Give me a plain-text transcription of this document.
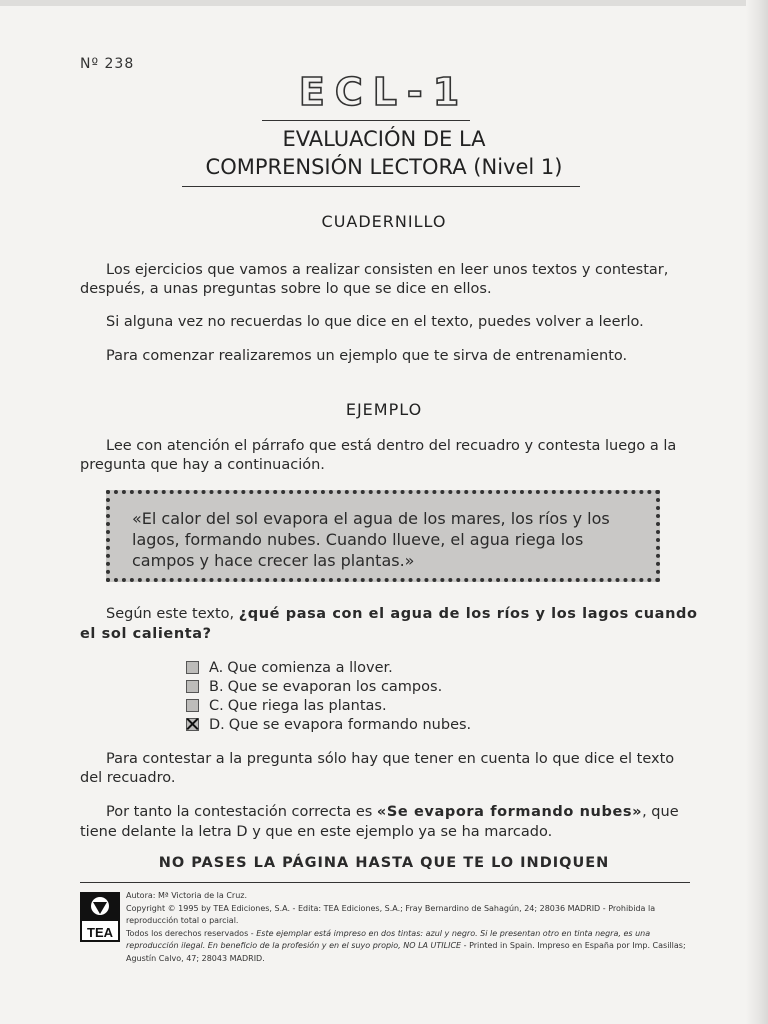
Nº 238
ECL-1
EVALUACIÓN DE LA
COMPRENSIÓN LECTORA (Nivel 1)
CUADERNILLO
Los ejercicios que vamos a realizar consisten en leer unos textos y contestar, después, a unas preguntas sobre lo que se dice en ellos.
Si alguna vez no recuerdas lo que dice en el texto, puedes volver a leerlo.
Para comenzar realizaremos un ejemplo que te sirva de entrenamiento.
EJEMPLO
Lee con atención el párrafo que está dentro del recuadro y contesta luego a la pregunta que hay a continuación.
«El calor del sol evapora el agua de los mares, los ríos y los lagos, formando nubes. Cuando llueve, el agua riega los campos y hace crecer las plantas.»
Según este texto, ¿qué pasa con el agua de los ríos y los lagos cuando el sol calienta?
A. Que comienza a llover.
B. Que se evaporan los campos.
C. Que riega las plantas.
D. Que se evapora formando nubes.
Para contestar a la pregunta sólo hay que tener en cuenta lo que dice el texto del recuadro.
Por tanto la contestación correcta es «Se evapora formando nubes», que tiene delante la letra D y que en este ejemplo ya se ha marcado.
NO PASES LA PÁGINA HASTA QUE TE LO INDIQUEN
TEA
Autora: Mª Victoria de la Cruz.
Copyright © 1995 by TEA Ediciones, S.A. - Edita: TEA Ediciones, S.A.; Fray Bernardino de Sahagún, 24; 28036 MADRID - Prohibida la reproducción total o parcial.
Todos los derechos reservados - Este ejemplar está impreso en dos tintas: azul y negro. Si le presentan otro en tinta negra, es una reproducción ilegal. En beneficio de la profesión y en el suyo propio, NO LA UTILICE - Printed in Spain. Impreso en España por Imp. Casillas; Agustín Calvo, 47; 28043 MADRID.
